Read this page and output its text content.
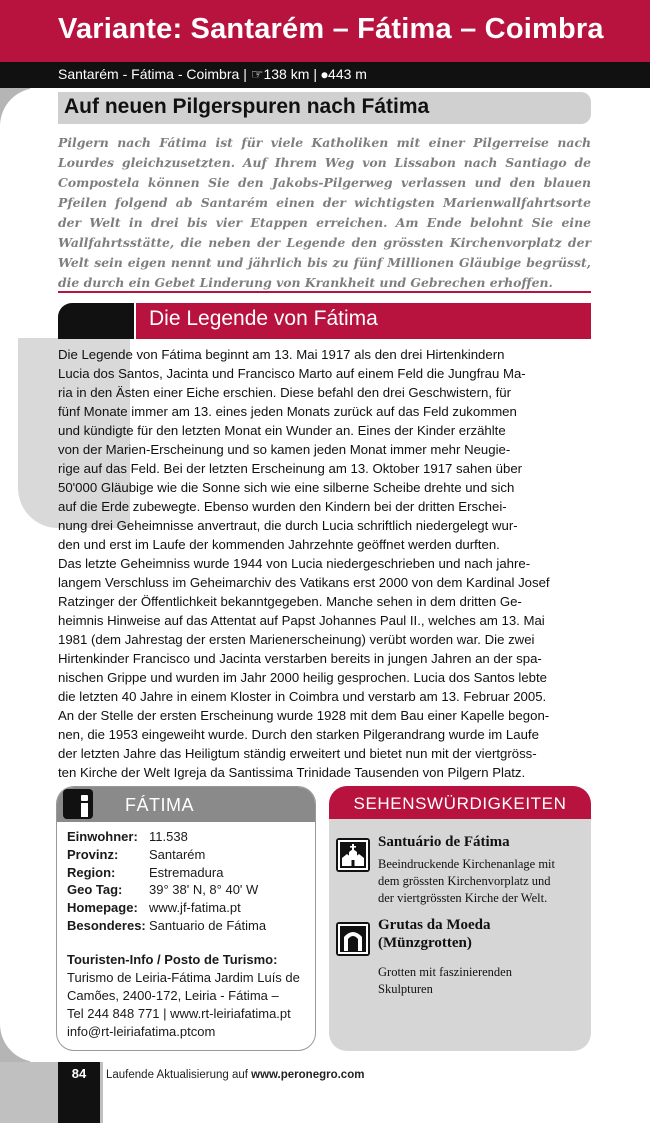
Variante: Santarém – Fátima – Coimbra
Santarém - Fátima - Coimbra | ☞138 km | ⦁443 m
Auf neuen Pilgerspuren nach Fátima

Pilgern nach Fátima ist für viele Katholiken mit einer Pilgerreise nach Lourdes gleichzusetzten. Auf Ihrem Weg von Lissabon nach Santiago de Compostela können Sie den Jakobs-Pilgerweg verlassen und den blauen Pfeilen folgend ab Santarém einen der wichtigsten Marienwallfahrtsorte der Welt in drei bis vier Etappen erreichen. Am Ende belohnt Sie eine Wallfahrtsstätte, die neben der Legende den grössten Kirchenvorplatz der Welt sein eigen nennt und jährlich bis zu fünf Millionen Gläubige begrüsst, die durch ein Gebet Linderung von Krankheit und Gebrechen erhoffen.

Die Legende von Fátima
Die Legende von Fátima beginnt am 13. Mai 1917 als den drei Hirtenkindern
Lucia dos Santos, Jacinta und Francisco Marto auf einem Feld die Jungfrau Ma-
ria in den Ästen einer Eiche erschien. Diese befahl den drei Geschwistern, für
fünf Monate immer am 13. eines jeden Monats zurück auf das Feld zukommen
und kündigte für den letzten Monat ein Wunder an. Eines der Kinder erzählte
von der Marien-Erscheinung und so kamen jeden Monat immer mehr Neugie-
rige auf das Feld. Bei der letzten Erscheinung am 13. Oktober 1917 sahen über
50'000 Gläubige wie die Sonne sich wie eine silberne Scheibe drehte und sich
auf die Erde zubewegte. Ebenso wurden den Kindern bei der dritten Erschei-
nung drei Geheimnisse anvertraut, die durch Lucia schriftlich niedergelegt wur-
den und erst im Laufe der kommenden Jahrzehnte geöffnet werden durften.
Das letzte Geheimniss wurde 1944 von Lucia niedergeschrieben und nach jahre-
langem Verschluss im Geheimarchiv des Vatikans erst 2000 von dem Kardinal Josef
Ratzinger der Öffentlichkeit bekanntgegeben. Manche sehen in dem dritten Ge-
heimnis Hinweise auf das Attentat auf Papst Johannes Paul II., welches am 13. Mai
1981 (dem Jahrestag der ersten Marienerscheinung) verübt worden war. Die zwei
Hirtenkinder Francisco und Jacinta verstarben bereits in jungen Jahren an der spa-
nischen Grippe und wurden im Jahr 2000 heilig gesprochen. Lucia dos Santos lebte
die letzten 40 Jahre in einem Kloster in Coimbra und verstarb am 13. Februar 2005.
An der Stelle der ersten Erscheinung wurde 1928 mit dem Bau einer Kapelle begon-
nen, die 1953 eingeweiht wurde. Durch den starken Pilgerandrang wurde im Laufe
der letzten Jahre das Heiligtum ständig erweitert und bietet nun mit der viertgröss-
ten Kirche der Welt Igreja da Santissima Trinidade Tausenden von Pilgern Platz.
FÁTIMA
Einwohner: 11.538
Provinz:	Santarém
Region:	Estremadura
Geo Tag:	39° 38' N, 8° 40' W
Homepage: www.jf-fatima.pt
Besonderes: Santuario de Fátima
Touristen-Info / Posto de Turismo:
Turismo de Leiria-Fátima Jardim Luís de
Camões, 2400-172, Leiria - Fátima –
Tel 244 848 771 | www.rt-leiriafatima.pt
info@rt-leiriafatima.ptcom
SEHENSWÜRDIGKEITEN
Santuário de Fátima
Beeindruckende Kirchenanlage mit
dem grössten Kirchenvorplatz und
der viertgrössten Kirche der Welt.
Grutas da Moeda
(Münzgrotten)
Grotten mit faszinierenden
Skulpturen
84	Laufende Aktualisierung auf www.peronegro.com
